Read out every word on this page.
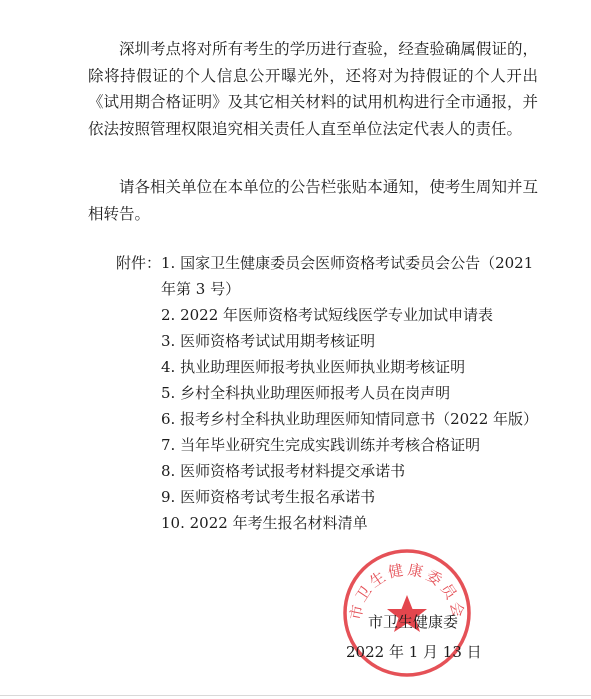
深圳考点将对所有考生的学历进行查验，经查验确属假证的，除将持假证的个人信息公开曝光外，还将对为持假证的个人开出《试用期合格证明》及其它相关材料的试用机构进行全市通报，并依法按照管理权限追究相关责任人直至单位法定代表人的责任。

请各相关单位在本单位的公告栏张贴本通知，使考生周知并互相转告。

附件： 1. 国家卫生健康委员会医师资格考试委员会公告（2021 年第 3 号）
2. 2022 年医师资格考试短线医学专业加试申请表
3. 医师资格考试试用期考核证明
4. 执业助理医师报考执业医师执业期考核证明
5. 乡村全科执业助理医师报考人员在岗声明
6. 报考乡村全科执业助理医师知情同意书（2022 年版）
7. 当年毕业研究生完成实践训练并考核合格证明
8. 医师资格考试报考材料提交承诺书
9. 医师资格考试考生报名承诺书
10. 2022 年考生报名材料清单
市卫生健康委员会
市卫生健康委
2022 年 1 月 13 日
